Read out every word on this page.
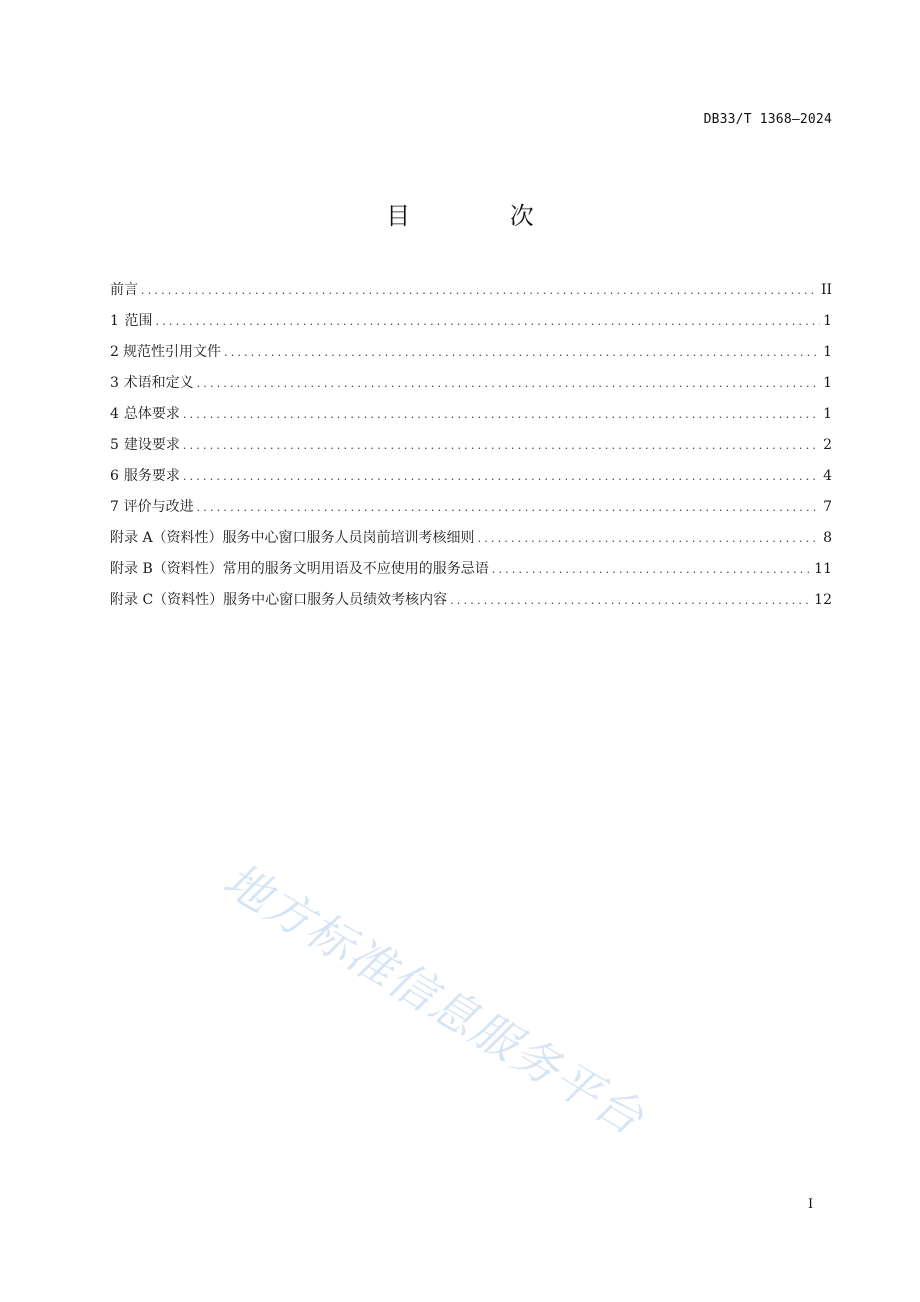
DB33/T 1368—2024
目 次
前言 .....	II
1 范围 .....	1
2 规范性引用文件 .....	1
3 术语和定义 .....	1
4 总体要求 .....	1
5 建设要求 .....	2
6 服务要求 .....	4
7 评价与改进 .....	7
附录 A（资料性） 服务中心窗口服务人员岗前培训考核细则 .....	8
附录 B（资料性） 常用的服务文明用语及不应使用的服务忌语 .....	11
附录 C（资料性） 服务中心窗口服务人员绩效考核内容 .....	12
地方标准信息服务平台
I
